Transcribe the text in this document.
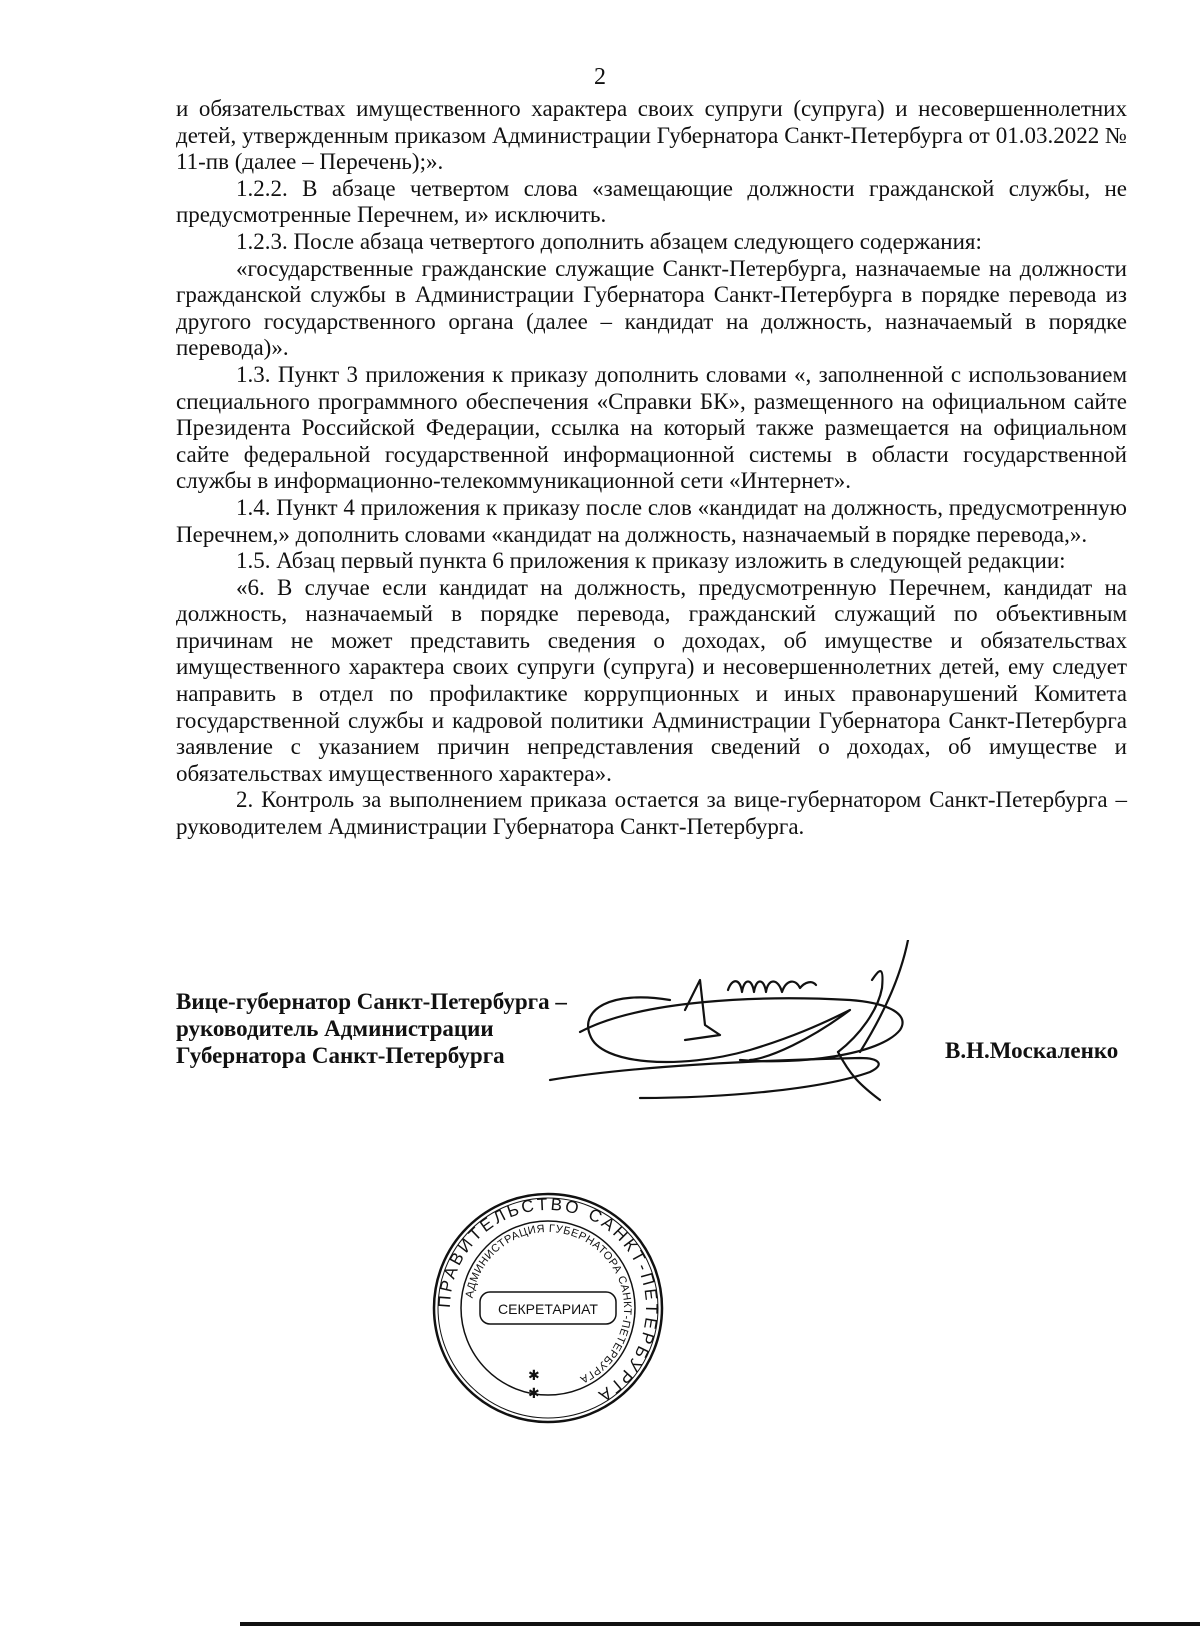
2

и обязательствах имущественного характера своих супруги (супруга) и несовершеннолетних детей, утвержденным приказом Администрации Губернатора Санкт-Петербурга от 01.03.2022 № 11-пв (далее – Перечень);».

1.2.2. В абзаце четвертом слова «замещающие должности гражданской службы, не предусмотренные Перечнем, и» исключить.

1.2.3. После абзаца четвертого дополнить абзацем следующего содержания:

«государственные гражданские служащие Санкт-Петербурга, назначаемые на должности гражданской службы в Администрации Губернатора Санкт-Петербурга в порядке перевода из другого государственного органа (далее – кандидат на должность, назначаемый в порядке перевода)».

1.3. Пункт 3 приложения к приказу дополнить словами «, заполненной с использованием специального программного обеспечения «Справки БК», размещенного на официальном сайте Президента Российской Федерации, ссылка на который также размещается на официальном сайте федеральной государственной информационной системы в области государственной службы в информационно-телекоммуникационной сети «Интернет».

1.4. Пункт 4 приложения к приказу после слов «кандидат на должность, предусмотренную Перечнем,» дополнить словами «кандидат на должность, назначаемый в порядке перевода,».

1.5. Абзац первый пункта 6 приложения к приказу изложить в следующей редакции:

«6. В случае если кандидат на должность, предусмотренную Перечнем, кандидат на должность, назначаемый в порядке перевода, гражданский служащий по объективным причинам не может представить сведения о доходах, об имуществе и обязательствах имущественного характера своих супруги (супруга) и несовершеннолетних детей, ему следует направить в отдел по профилактике коррупционных и иных правонарушений Комитета государственной службы и кадровой политики Администрации Губернатора Санкт-Петербурга заявление с указанием причин непредставления сведений о доходах, об имуществе и обязательствах имущественного характера».

2. Контроль за выполнением приказа остается за вице-губернатором Санкт-Петербурга – руководителем Администрации Губернатора Санкт-Петербурга.

Вице-губернатор Санкт-Петербурга –
руководитель Администрации
Губернатора Санкт-Петербурга	В.Н.Москаленко
ПРАВИТЕЛЬСТВО САНКТ-ПЕТЕРБУРГА
АДМИНИСТРАЦИЯ ГУБЕРНАТОРА САНКТ-ПЕТЕРБУРГА
СЕКРЕТАРИАТ
✱
✱
